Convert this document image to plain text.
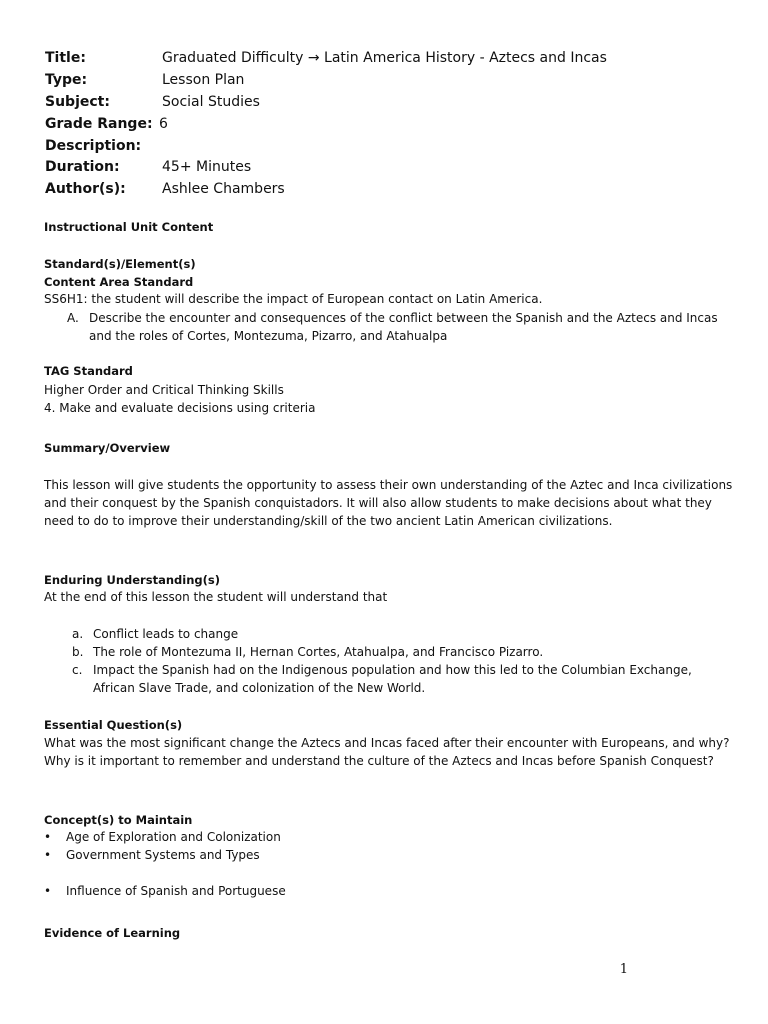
Title:	Graduated Difficulty → Latin America History - Aztecs and Incas
Type:	Lesson Plan
Subject:	Social Studies
Grade Range: 6
Description:
Duration:	45+ Minutes
Author(s):	Ashlee Chambers
Instructional Unit Content
Standard(s)/Element(s)
Content Area Standard
SS6H1: the student will describe the impact of European contact on Latin America.
A. Describe the encounter and consequences of the conflict between the Spanish and the Aztecs and Incas and the roles of Cortes, Montezuma, Pizarro, and Atahualpa
TAG Standard
Higher Order and Critical Thinking Skills
4. Make and evaluate decisions using criteria
Summary/Overview
This lesson will give students the opportunity to assess their own understanding of the Aztec and Inca civilizations and their conquest by the Spanish conquistadors. It will also allow students to make decisions about what they need to do to improve their understanding/skill of the two ancient Latin American civilizations.
Enduring Understanding(s)
At the end of this lesson the student will understand that
a. Conflict leads to change
b. The role of Montezuma II, Hernan Cortes, Atahualpa, and Francisco Pizarro.
c. Impact the Spanish had on the Indigenous population and how this led to the Columbian Exchange, African Slave Trade, and colonization of the New World.
Essential Question(s)
What was the most significant change the Aztecs and Incas faced after their encounter with Europeans, and why?
Why is it important to remember and understand the culture of the Aztecs and Incas before Spanish Conquest?
Concept(s) to Maintain
• Age of Exploration and Colonization
• Government Systems and Types
• Influence of Spanish and Portuguese
Evidence of Learning
1
